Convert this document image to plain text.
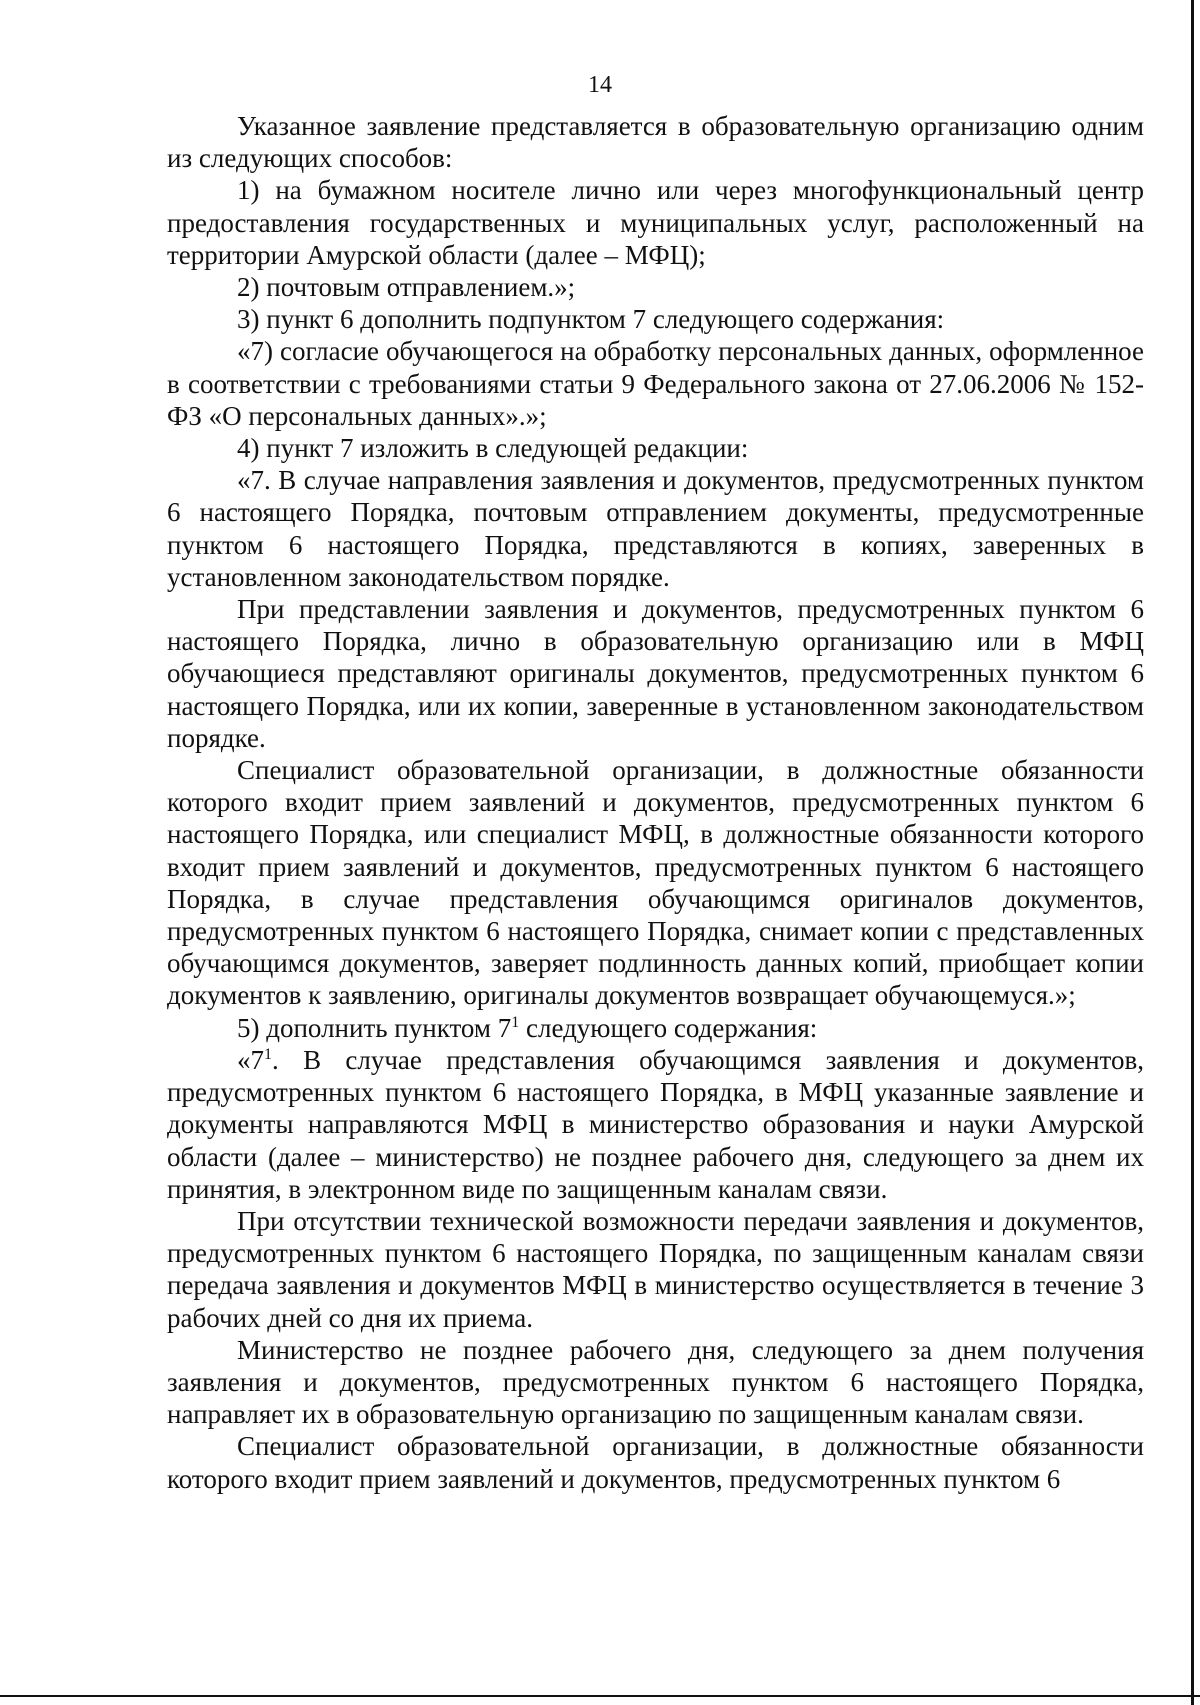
14

Указанное заявление представляется в образовательную организацию одним из следующих способов:

1) на бумажном носителе лично или через многофункциональный центр предоставления государственных и муниципальных услуг, расположенный на территории Амурской области (далее – МФЦ);

2) почтовым отправлением.»;

3) пункт 6 дополнить подпунктом 7 следующего содержания:

«7) согласие обучающегося на обработку персональных данных, оформленное в соответствии с требованиями статьи 9 Федерального закона от 27.06.2006 № 152-ФЗ «О персональных данных».»;

4) пункт 7 изложить в следующей редакции:

«7. В случае направления заявления и документов, предусмотренных пунктом 6 настоящего Порядка, почтовым отправлением документы, предусмотренные пунктом 6 настоящего Порядка, представляются в копиях, заверенных в установленном законодательством порядке.

При представлении заявления и документов, предусмотренных пунктом 6 настоящего Порядка, лично в образовательную организацию или в МФЦ обучающиеся представляют оригиналы документов, предусмотренных пунктом 6 настоящего Порядка, или их копии, заверенные в установленном законодательством порядке.

Специалист образовательной организации, в должностные обязанности которого входит прием заявлений и документов, предусмотренных пунктом 6 настоящего Порядка, или специалист МФЦ, в должностные обязанности которого входит прием заявлений и документов, предусмотренных пунктом 6 настоящего Порядка, в случае представления обучающимся оригиналов документов, предусмотренных пунктом 6 настоящего Порядка, снимает копии с представленных обучающимся документов, заверяет подлинность данных копий, приобщает копии документов к заявлению, оригиналы документов возвращает обучающемуся.»;

5) дополнить пунктом $7^1$ следующего содержания:

«$7^1$. В случае представления обучающимся заявления и документов, предусмотренных пунктом 6 настоящего Порядка, в МФЦ указанные заявление и документы направляются МФЦ в министерство образования и науки Амурской области (далее – министерство) не позднее рабочего дня, следующего за днем их принятия, в электронном виде по защищенным каналам связи.

При отсутствии технической возможности передачи заявления и документов, предусмотренных пунктом 6 настоящего Порядка, по защищенным каналам связи передача заявления и документов МФЦ в министерство осуществляется в течение 3 рабочих дней со дня их приема.

Министерство не позднее рабочего дня, следующего за днем получения заявления и документов, предусмотренных пунктом 6 настоящего Порядка, направляет их в образовательную организацию по защищенным каналам связи.

Специалист образовательной организации, в должностные обязанности которого входит прием заявлений и документов, предусмотренных пунктом 6
